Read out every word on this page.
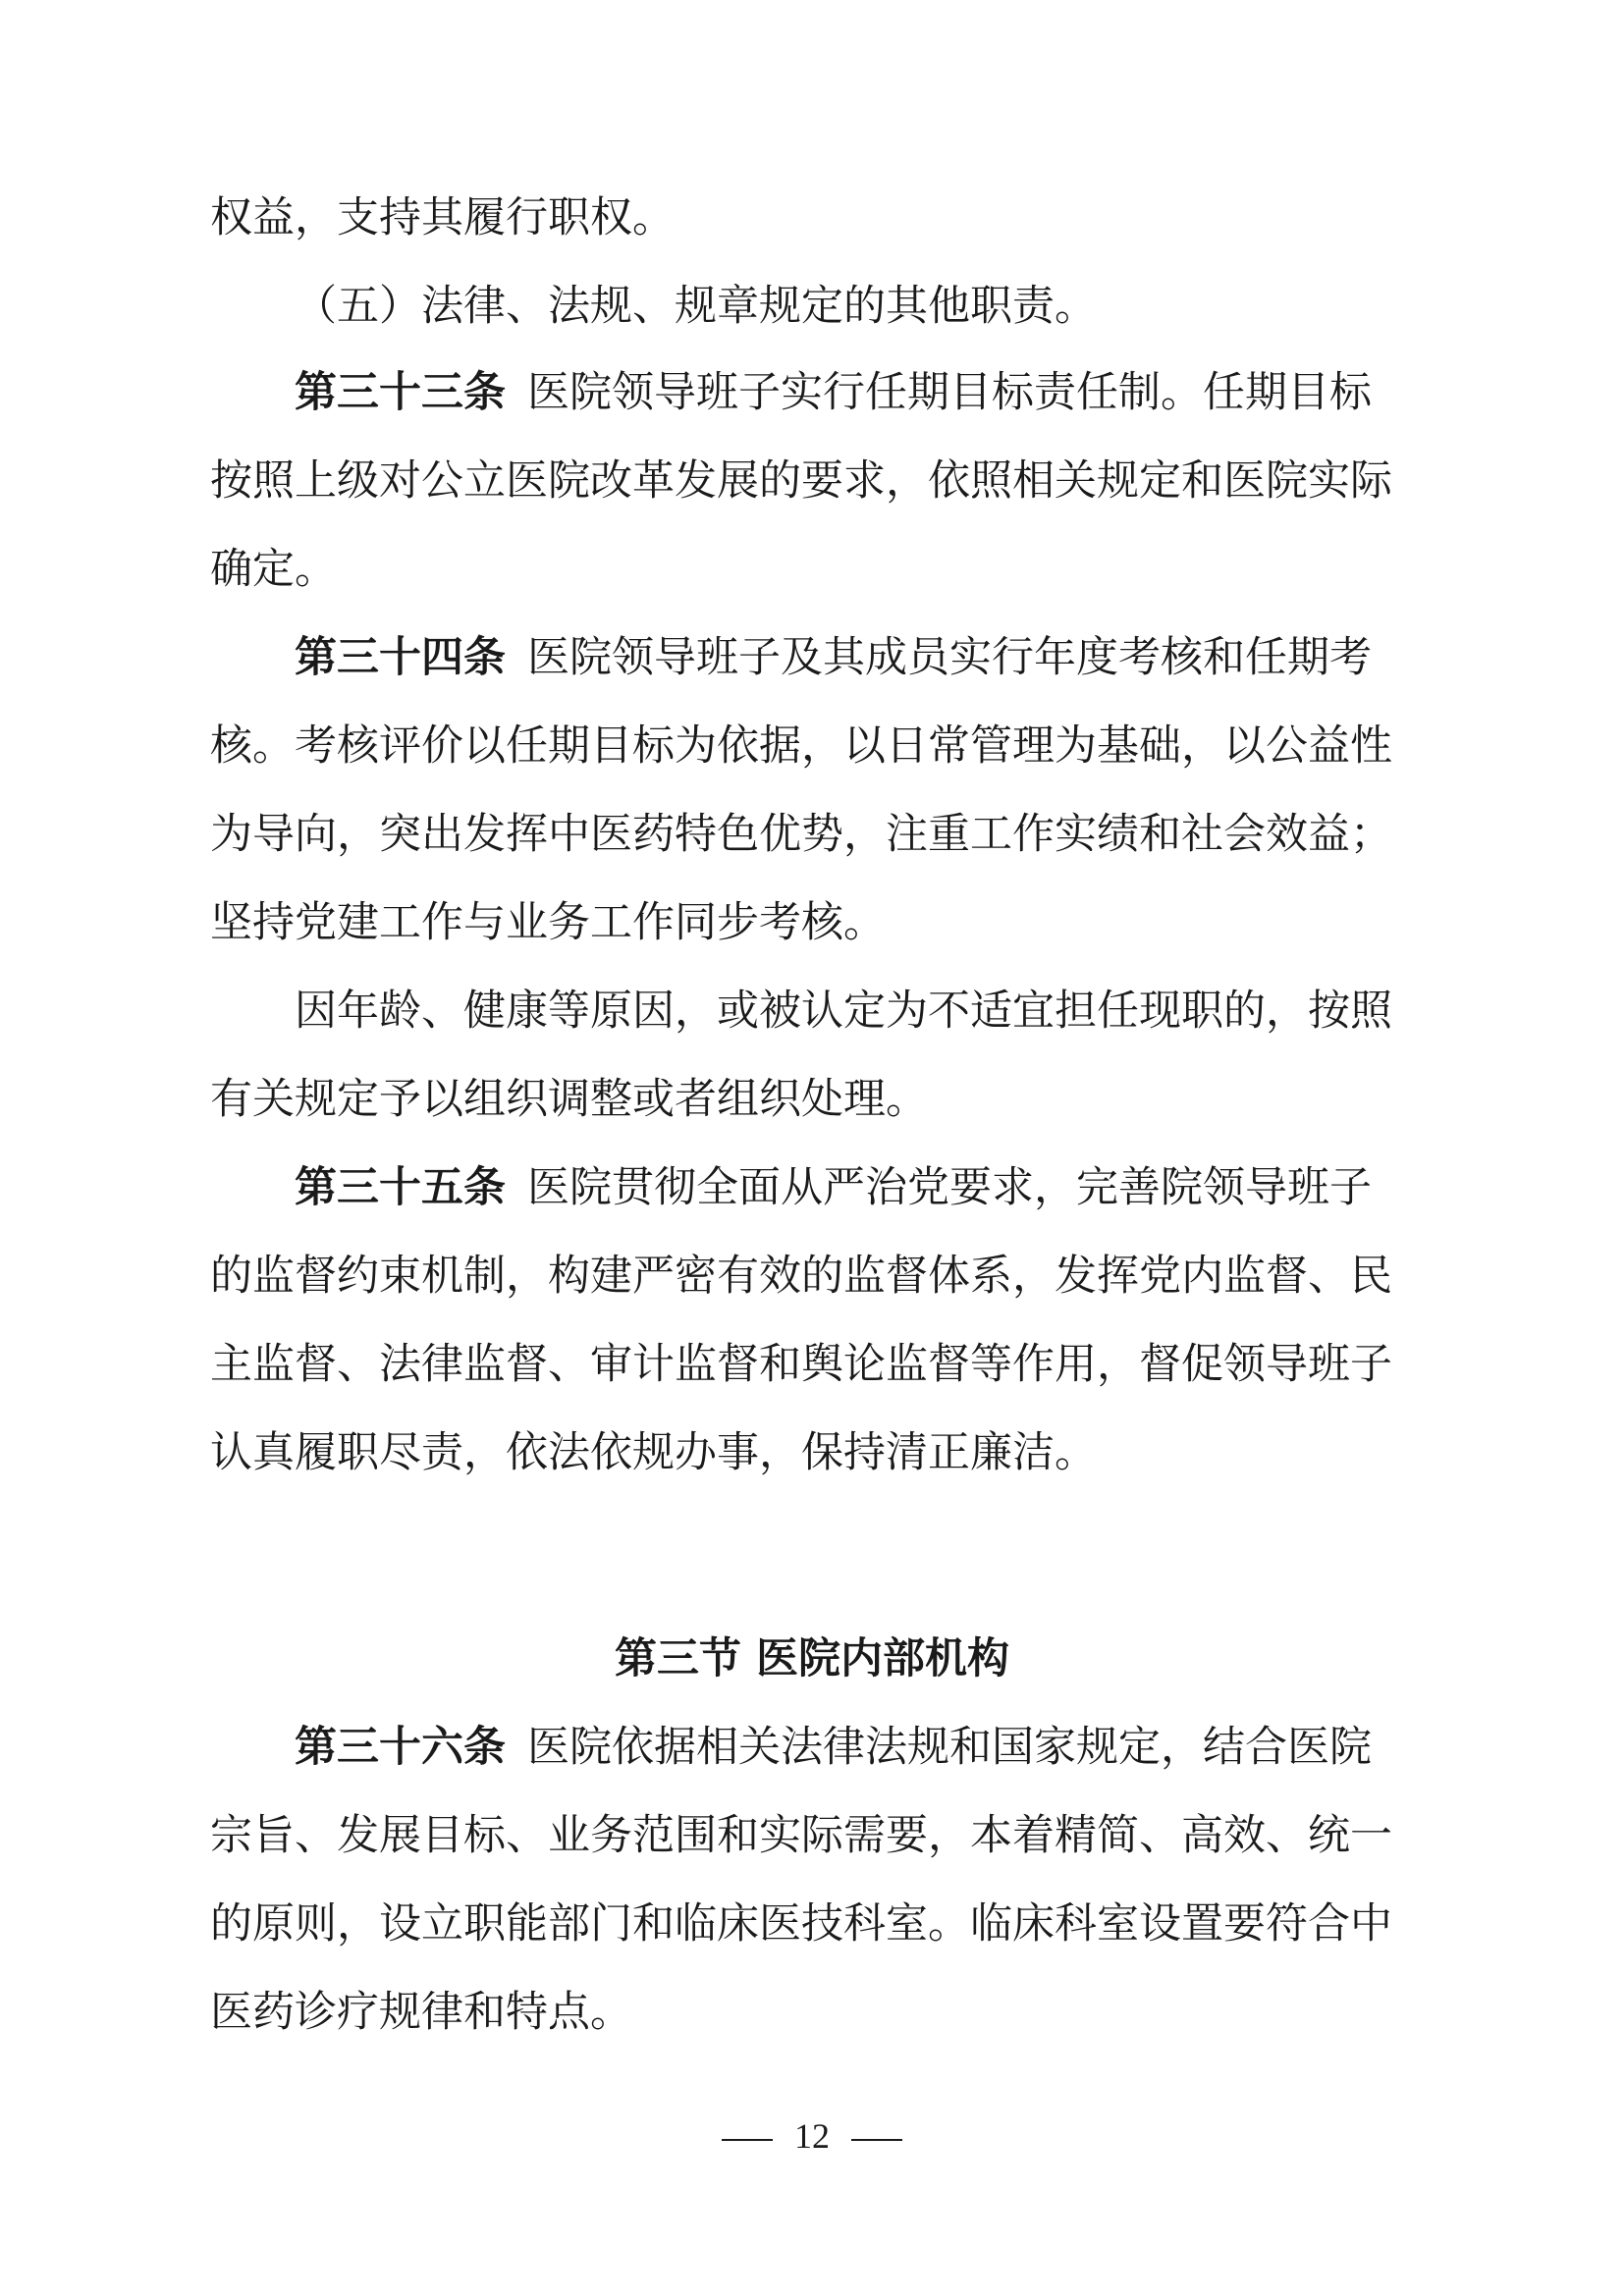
权益，支持其履行职权。
（五）法律、法规、规章规定的其他职责。
第三十三条 医院领导班子实行任期目标责任制。任期目标
按照上级对公立医院改革发展的要求，依照相关规定和医院实际
确定。
第三十四条 医院领导班子及其成员实行年度考核和任期考
核。考核评价以任期目标为依据，以日常管理为基础，以公益性
为导向，突出发挥中医药特色优势，注重工作实绩和社会效益；
坚持党建工作与业务工作同步考核。
因年龄、健康等原因，或被认定为不适宜担任现职的，按照
有关规定予以组织调整或者组织处理。
第三十五条 医院贯彻全面从严治党要求，完善院领导班子
的监督约束机制，构建严密有效的监督体系，发挥党内监督、民
主监督、法律监督、审计监督和舆论监督等作用，督促领导班子
认真履职尽责，依法依规办事，保持清正廉洁。
第三节 医院内部机构
第三十六条 医院依据相关法律法规和国家规定，结合医院
宗旨、发展目标、业务范围和实际需要，本着精简、高效、统一
的原则，设立职能部门和临床医技科室。临床科室设置要符合中
医药诊疗规律和特点。
12
